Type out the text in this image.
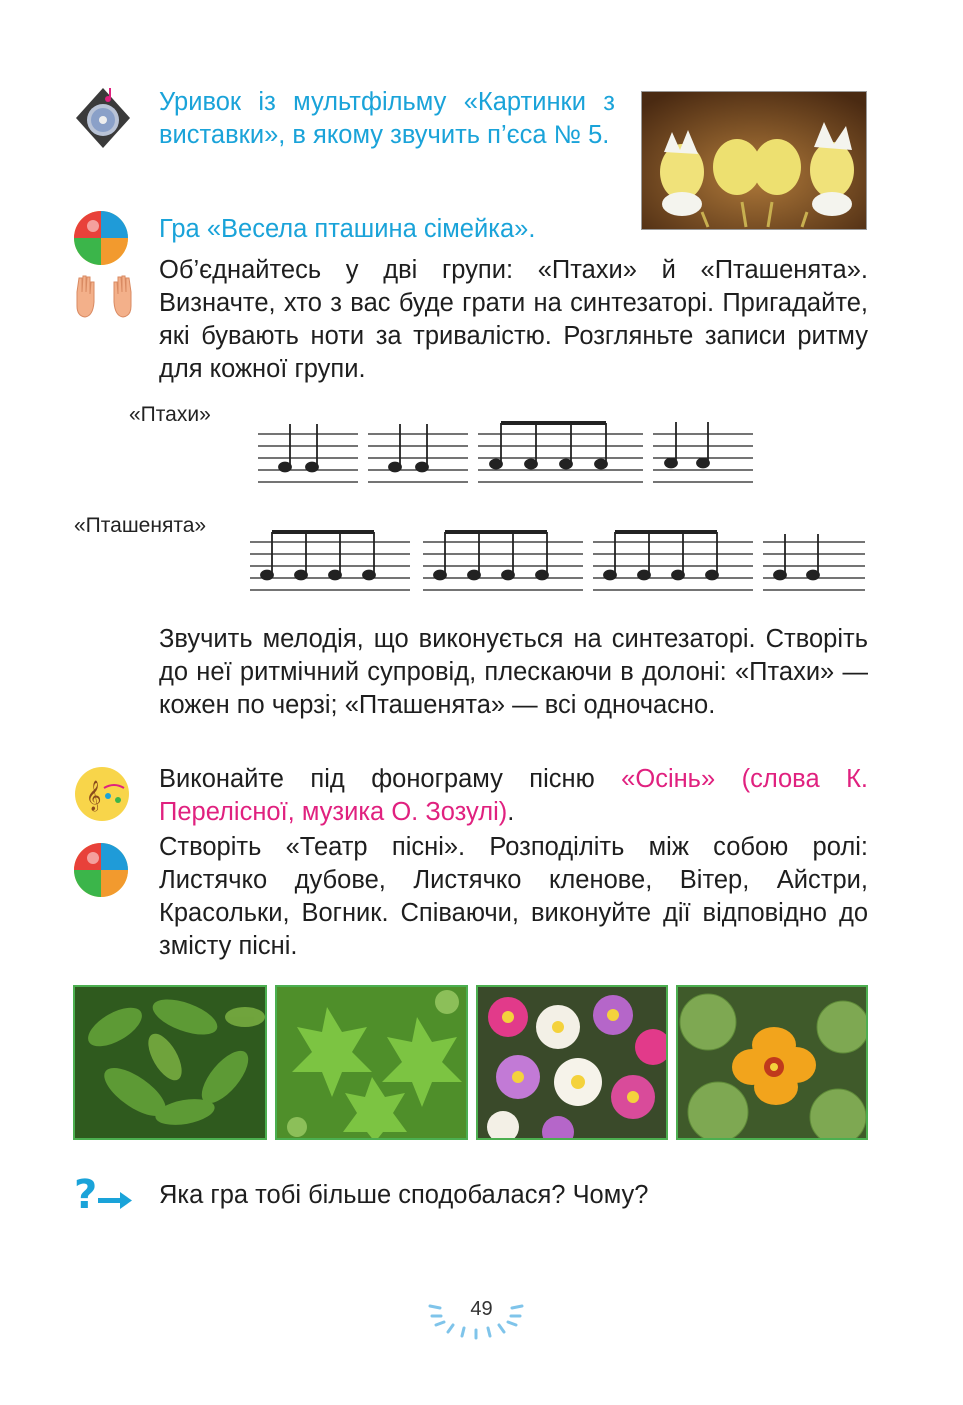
Уривок із мультфільму «Картинки з виставки», в якому звучить п’єса № 5.
Гра «Весела пташина сімейка».
Об’єднайтесь у дві групи: «Птахи» й «Пташенята». Визначте, хто з вас буде грати на синтезаторі. Пригадайте, які бувають ноти за тривалістю. Розгляньте записи ритму для кожної групи.
«Птахи»
«Пташенята»
Звучить мелодія, що виконується на синтезаторі. Створіть до неї ритмічний супровід, плескаючи в долоні: «Птахи» — кожен по черзі; «Пташенята» — всі одночасно.
𝄞
Виконайте під фонограму пісню «Осінь» (слова К. Перелісної, музика О. Зозулі).
Створіть «Театр пісні». Розподіліть між собою ролі: Листячко дубове, Листячко кленове, Вітер, Айстри, Красольки, Вогник. Співаючи, виконуйте дії відповідно до змісту пісні.
? Яка гра тобі більше сподобалася? Чому?
49
